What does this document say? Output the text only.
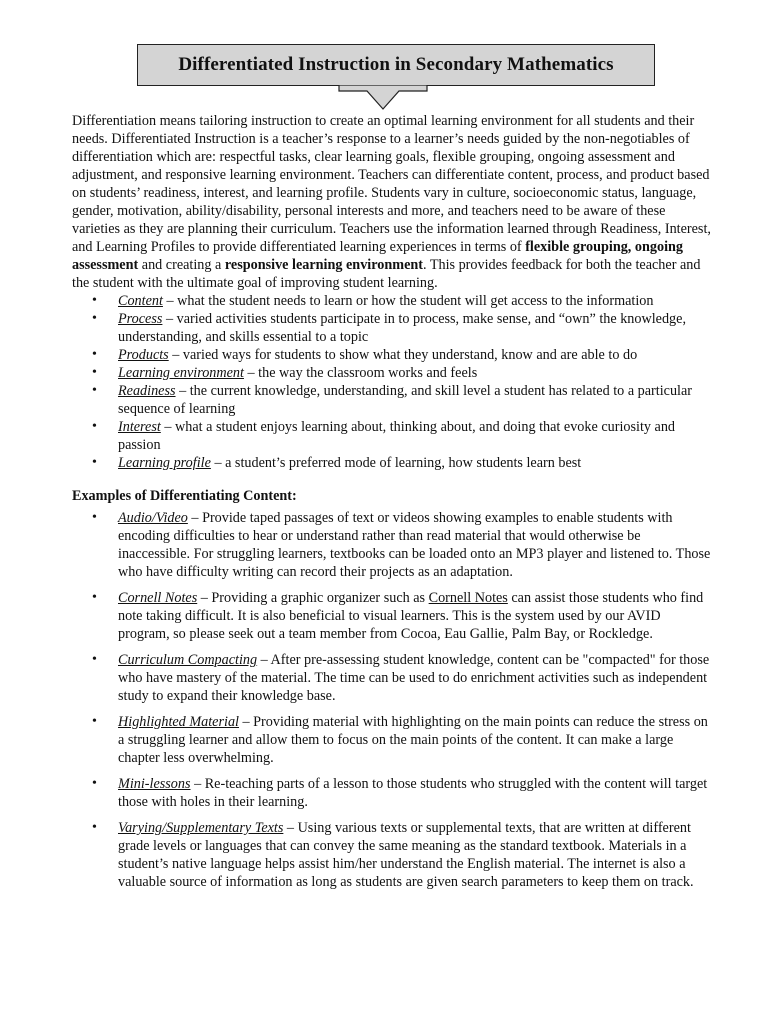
Differentiated Instruction in Secondary Mathematics

Differentiation means tailoring instruction to create an optimal learning environment for all students and their needs. Differentiated Instruction is a teacher’s response to a learner’s needs guided by the non-negotiables of differentiation which are: respectful tasks, clear learning goals, flexible grouping, ongoing assessment and adjustment, and responsive learning environment. Teachers can differentiate content, process, and product based on students’ readiness, interest, and learning profile. Students vary in culture, socioeconomic status, language, gender, motivation, ability/disability, personal interests and more, and teachers need to be aware of these varieties as they are planning their curriculum. Teachers use the information learned through Readiness, Interest, and Learning Profiles to provide differentiated learning experiences in terms of flexible grouping, ongoing assessment and creating a responsive learning environment. This provides feedback for both the teacher and the student with the ultimate goal of improving student learning.

• Content – what the student needs to learn or how the student will get access to the information
• Process – varied activities students participate in to process, make sense, and “own” the knowledge, understanding, and skills essential to a topic
• Products – varied ways for students to show what they understand, know and are able to do
• Learning environment – the way the classroom works and feels
• Readiness – the current knowledge, understanding, and skill level a student has related to a particular sequence of learning
• Interest – what a student enjoys learning about, thinking about, and doing that evoke curiosity and passion
• Learning profile – a student’s preferred mode of learning, how students learn best

Examples of Differentiating Content:

• Audio/Video – Provide taped passages of text or videos showing examples to enable students with encoding difficulties to hear or understand rather than read material that would otherwise be inaccessible. For struggling learners, textbooks can be loaded onto an MP3 player and listened to. Those who have difficulty writing can record their projects as an adaptation.
• Cornell Notes – Providing a graphic organizer such as Cornell Notes can assist those students who find note taking difficult. It is also beneficial to visual learners. This is the system used by our AVID program, so please seek out a team member from Cocoa, Eau Gallie, Palm Bay, or Rockledge.
• Curriculum Compacting – After pre-assessing student knowledge, content can be "compacted" for those who have mastery of the material. The time can be used to do enrichment activities such as independent study to expand their knowledge base.
• Highlighted Material – Providing material with highlighting on the main points can reduce the stress on a struggling learner and allow them to focus on the main points of the content. It can make a large chapter less overwhelming.
• Mini-lessons – Re-teaching parts of a lesson to those students who struggled with the content will target those with holes in their learning.
• Varying/Supplementary Texts – Using various texts or supplemental texts, that are written at different grade levels or languages that can convey the same meaning as the standard textbook. Materials in a student’s native language helps assist him/her understand the English material. The internet is also a valuable source of information as long as students are given search parameters to keep them on track.
